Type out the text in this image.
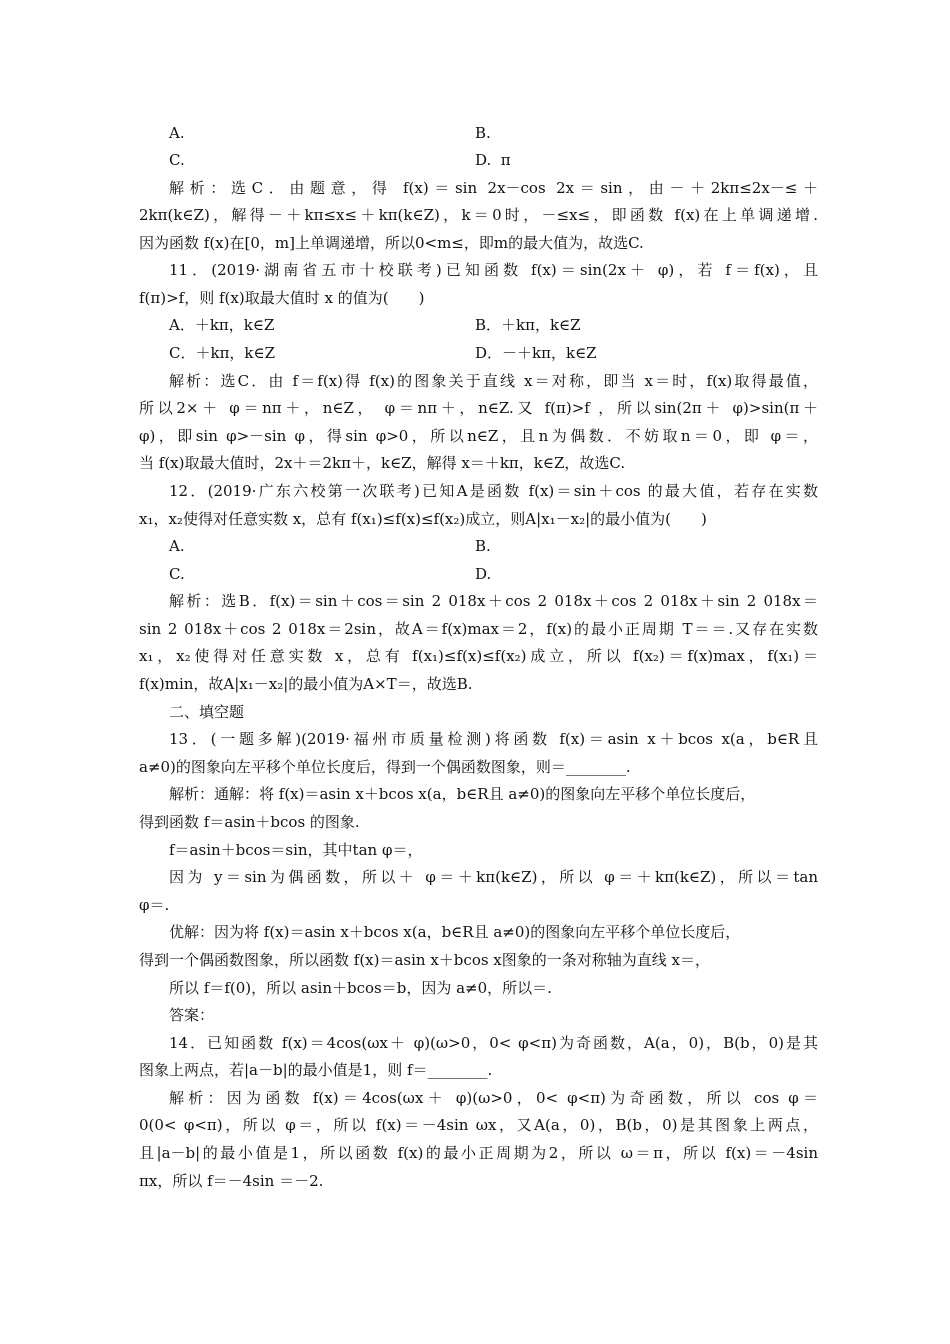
A.	B.
C.	D.  π
解析：选C．由题意，得 f(x)＝sin 2x－cos 2x＝sin，由－＋2kπ≤2x－≤＋
2kπ(k∈Z)，解得－＋kπ≤x≤＋kπ(k∈Z)，k＝0时，－≤x≤，即函数 f(x)在上单调递增.
因为函数 f(x)在[0，m]上单调递增，所以0<m≤，即m的最大值为，故选C.
11．(2019·湖南省五市十校联考)已知函数 f(x)＝sin(2x＋ φ)，若 f＝f(x)，且
f(π)>f，则 f(x)取最大值时 x 的值为(　　)
A．＋kπ，k∈Z	B．＋kπ，k∈Z
C．＋kπ，k∈Z	D．－＋kπ，k∈Z
解析：选C．由 f＝f(x)得 f(x)的图象关于直线 x＝对称，即当 x＝时，f(x)取得最值，
所以2×＋ φ＝nπ＋，n∈Z， φ＝nπ＋，n∈Z.又 f(π)>f ，所以sin(2π＋ φ)>sin(π＋
φ)，即sin φ>－sin φ，得sin φ>0，所以n∈Z，且n为偶数．不妨取n＝0，即 φ＝，
当 f(x)取最大值时，2x＋＝2kπ＋，k∈Z，解得 x＝＋kπ，k∈Z，故选C.
12．(2019·广东六校第一次联考)已知A是函数 f(x)＝sin＋cos 的最大值，若存在实数
x₁，x₂使得对任意实数 x，总有 f(x₁)≤f(x)≤f(x₂)成立，则A|x₁－x₂|的最小值为(　　)
A.	B.
C.	D.
解析：选B．f(x)＝sin＋cos＝sin 2 018x＋cos 2 018x＋cos 2 018x＋sin 2 018x＝
sin 2 018x＋cos 2 018x＝2sin，故A＝f(x)max＝2，f(x)的最小正周期 T＝＝.又存在实数
x₁，x₂使得对任意实数 x，总有 f(x₁)≤f(x)≤f(x₂)成立，所以 f(x₂)＝f(x)max，f(x₁)＝
f(x)min，故A|x₁－x₂|的最小值为A×T＝，故选B.
二、填空题
13．(一题多解)(2019·福州市质量检测)将函数 f(x)＝asin x＋bcos x(a，b∈R且
a≠0)的图象向左平移个单位长度后，得到一个偶函数图象，则＝________.
解析：通解：将 f(x)＝asin x＋bcos x(a，b∈R且 a≠0)的图象向左平移个单位长度后，
得到函数 f＝asin＋bcos 的图象.
f＝asin＋bcos＝sin，其中tan φ＝，
因为 y＝sin为偶函数，所以＋ φ＝＋kπ(k∈Z)，所以 φ＝＋kπ(k∈Z)，所以＝tan
φ＝.
优解：因为将 f(x)＝asin x＋bcos x(a，b∈R且 a≠0)的图象向左平移个单位长度后，
得到一个偶函数图象，所以函数 f(x)＝asin x＋bcos x图象的一条对称轴为直线 x＝，
所以 f＝f(0)，所以 asin＋bcos＝b，因为 a≠0，所以＝.
答案：
14．已知函数 f(x)＝4cos(ωx＋ φ)(ω>0，0< φ<π)为奇函数，A(a，0)，B(b，0)是其
图象上两点，若|a－b|的最小值是1，则 f＝________.
解析：因为函数 f(x)＝4cos(ωx＋ φ)(ω>0，0< φ<π)为奇函数，所以 cos φ＝
0(0< φ<π)，所以 φ＝，所以 f(x)＝－4sin ωx，又A(a，0)，B(b，0)是其图象上两点，
且|a－b|的最小值是1，所以函数 f(x)的最小正周期为2，所以 ω＝π，所以 f(x)＝－4sin
πx，所以 f＝－4sin ＝－2.
